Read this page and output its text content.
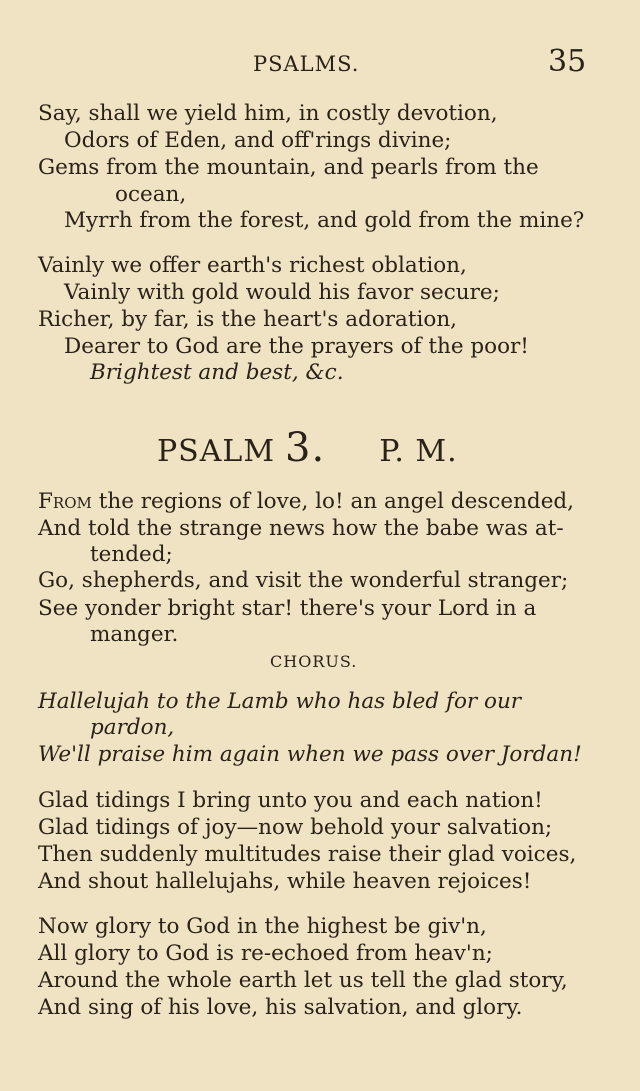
PSALMS.	35
Say, shall we yield him, in costly devotion,
Odors of Eden, and off'rings divine;
Gems from the mountain, and pearls from the
ocean,
Myrrh from the forest, and gold from the mine?
Vainly we offer earth's richest oblation,
Vainly with gold would his favor secure;
Richer, by far, is the heart's adoration,
Dearer to God are the prayers of the poor!
Brightest and best, &c.
PSALM 3. P. M.
From the regions of love, lo! an angel descended,
And told the strange news how the babe was at-
tended;
Go, shepherds, and visit the wonderful stranger;
See yonder bright star! there's your Lord in a
manger.
CHORUS.
Hallelujah to the Lamb who has bled for our
pardon,
We'll praise him again when we pass over Jordan!
Glad tidings I bring unto you and each nation!
Glad tidings of joy—now behold your salvation;
Then suddenly multitudes raise their glad voices,
And shout hallelujahs, while heaven rejoices!
Now glory to God in the highest be giv'n,
All glory to God is re-echoed from heav'n;
Around the whole earth let us tell the glad story,
And sing of his love, his salvation, and glory.
